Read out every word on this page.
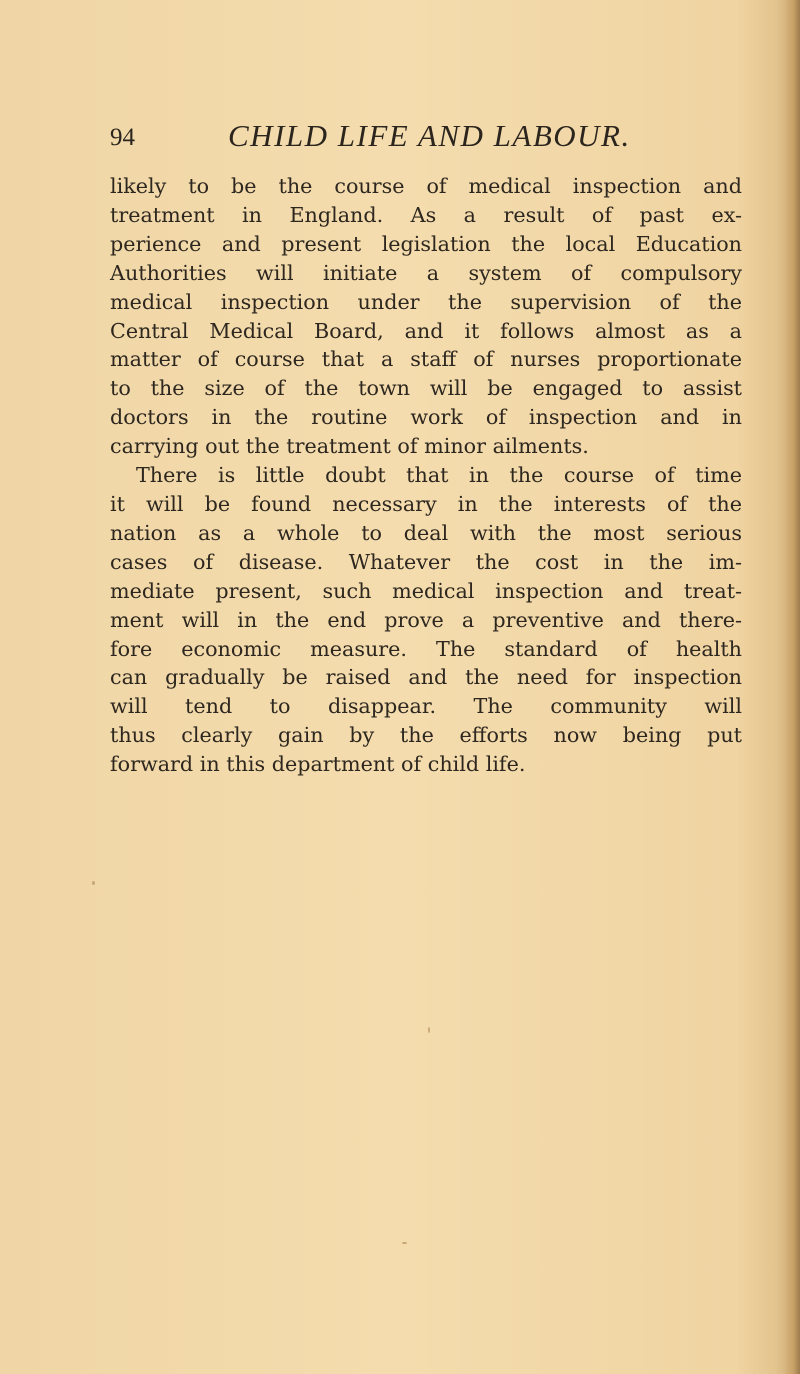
94	CHILD LIFE AND LABOUR.
likely to be the course of medical inspection and
treatment in England. As a result of past ex-
perience and present legislation the local Education
Authorities will initiate a system of compulsory
medical inspection under the supervision of the
Central Medical Board, and it follows almost as a
matter of course that a staff of nurses proportionate
to the size of the town will be engaged to assist
doctors in the routine work of inspection and in
carrying out the treatment of minor ailments.
There is little doubt that in the course of time
it will be found necessary in the interests of the
nation as a whole to deal with the most serious
cases of disease. Whatever the cost in the im-
mediate present, such medical inspection and treat-
ment will in the end prove a preventive and there-
fore economic measure. The standard of health
can gradually be raised and the need for inspection
will tend to disappear. The community will
thus clearly gain by the efforts now being put
forward in this department of child life.
